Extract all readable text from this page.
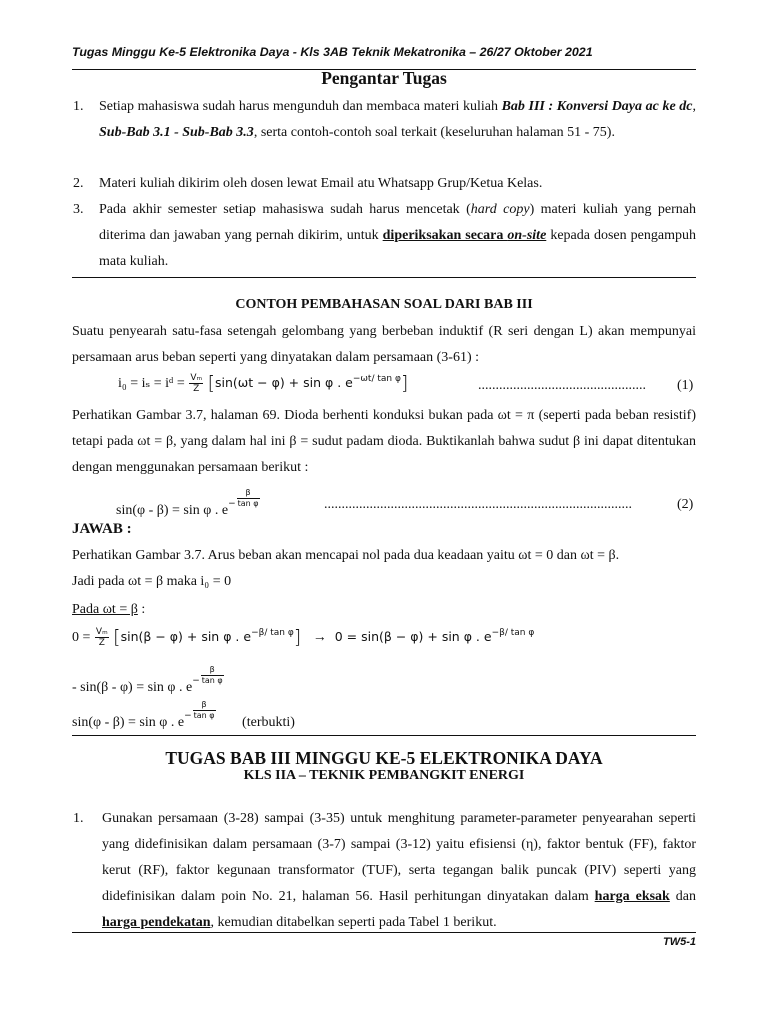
Tugas Minggu Ke-5 Elektronika Daya - Kls 3AB Teknik Mekatronika – 26/27 Oktober 2021
Pengantar Tugas
1. Setiap mahasiswa sudah harus mengunduh dan membaca materi kuliah Bab III : Konversi Daya ac ke dc, Sub-Bab 3.1 - Sub-Bab 3.3, serta contoh-contoh soal terkait (keseluruhan halaman 51 - 75).
2. Materi kuliah dikirim oleh dosen lewat Email atu Whatsapp Grup/Ketua Kelas.
3. Pada akhir semester setiap mahasiswa sudah harus mencetak (hard copy) materi kuliah yang pernah diterima dan jawaban yang pernah dikirim, untuk diperiksakan secara on-site kepada dosen pengampuh mata kuliah.
CONTOH PEMBAHASAN SOAL DARI BAB III
Suatu penyearah satu-fasa setengah gelombang yang berbeban induktif (R seri dengan L) akan mempunyai persamaan arus beban seperti yang dinyatakan dalam persamaan (3-61) :
i₀ = iₛ = iᵈ = $\frac{\text{Vₘ}}{Z} [\sin(\omega t - \varphi) + \sin \varphi$ . $e^{-\omega t/ tan \varphi}$]	................................................ (1)
Perhatikan Gambar 3.7, halaman 69. Dioda berhenti konduksi bukan pada ωt = π (seperti pada beban resistif) tetapi pada ωt = β, yang dalam hal ini β = sudut padam dioda. Buktikanlah bahwa sudut β ini dapat ditentukan dengan menggunakan persamaan berikut :
sin(φ - β) = sin φ . $e^- \frac{\beta}{\text{tan φ}}$	........................................................................................	(2)
JAWAB :
Perhatikan Gambar 3.7. Arus beban akan mencapai nol pada dua keadaan yaitu ωt = 0 dan ωt = β.
Jadi pada ωt = β maka i₀ = 0
Pada ωt = β :
$0 = \frac{\text{Vₘ}}{Z} [\sin(\beta - \varphi) + \sin \varphi$ . $e^{-\beta/ tan \varphi}] \to 0 = \sin(\beta - \varphi) + \sin \varphi$ . $e^{-\beta/ tan \varphi}$
- sin(β - φ) = sin φ . $e^- \frac{\beta}{\text{tan φ}}$
sin(φ - β) = sin φ . $e^- \frac{\beta}{\text{tan φ}}$
(terbukti)
TUGAS BAB III MINGGU KE-5 ELEKTRONIKA DAYA
KLS IIA – TEKNIK PEMBANGKIT ENERGI
1. Gunakan persamaan (3-28) sampai (3-35) untuk menghitung parameter-parameter penyearahan seperti yang didefinisikan dalam persamaan (3-7) sampai (3-12) yaitu efisiensi (η), faktor bentuk (FF), faktor kerut (RF), faktor kegunaan transformator (TUF), serta tegangan balik puncak (PIV) seperti yang didefinisikan dalam poin No. 21, halaman 56. Hasil perhitungan dinyatakan dalam harga eksak dan harga pendekatan, kemudian ditabelkan seperti pada Tabel 1 berikut.
TW5-1
